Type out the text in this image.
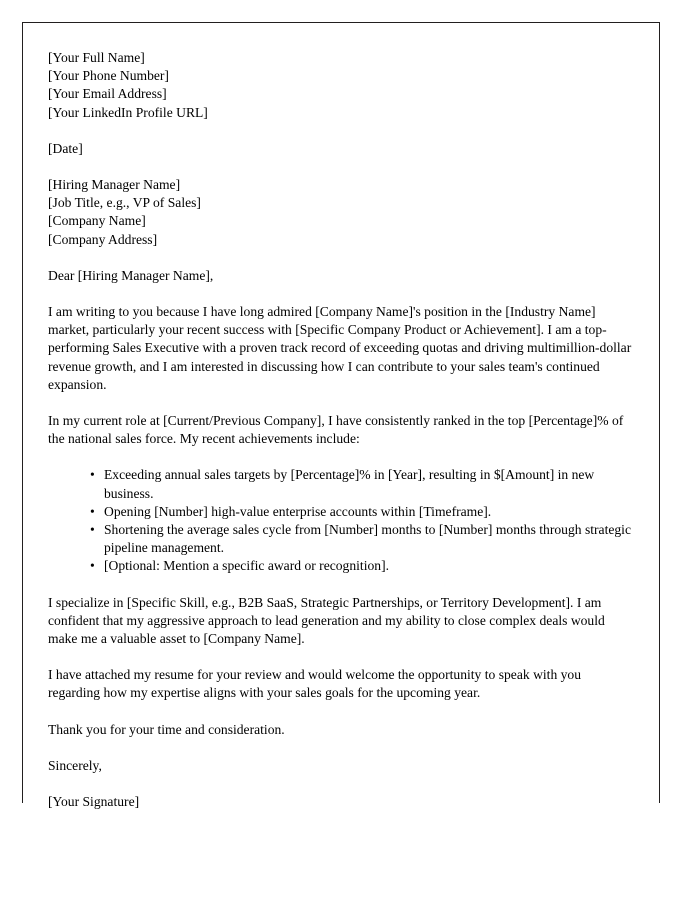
[Your Full Name]
[Your Phone Number]
[Your Email Address]
[Your LinkedIn Profile URL]
[Date]
[Hiring Manager Name]
[Job Title, e.g., VP of Sales]
[Company Name]
[Company Address]
Dear [Hiring Manager Name],

I am writing to you because I have long admired [Company Name]'s position in the [Industry Name] market, particularly your recent success with [Specific Company Product or Achievement]. I am a top-performing Sales Executive with a proven track record of exceeding quotas and driving multimillion-dollar revenue growth, and I am interested in discussing how I can contribute to your sales team's continued expansion.

In my current role at [Current/Previous Company], I have consistently ranked in the top [Percentage]% of the national sales force. My recent achievements include:

• Exceeding annual sales targets by [Percentage]% in [Year], resulting in $[Amount] in new business.
• Opening [Number] high-value enterprise accounts within [Timeframe].
• Shortening the average sales cycle from [Number] months to [Number] months through strategic pipeline management.
• [Optional: Mention a specific award or recognition].

I specialize in [Specific Skill, e.g., B2B SaaS, Strategic Partnerships, or Territory Development]. I am confident that my aggressive approach to lead generation and my ability to close complex deals would make me a valuable asset to [Company Name].

I have attached my resume for your review and would welcome the opportunity to speak with you regarding how my expertise aligns with your sales goals for the upcoming year.

Thank you for your time and consideration.

Sincerely,
[Your Signature]
